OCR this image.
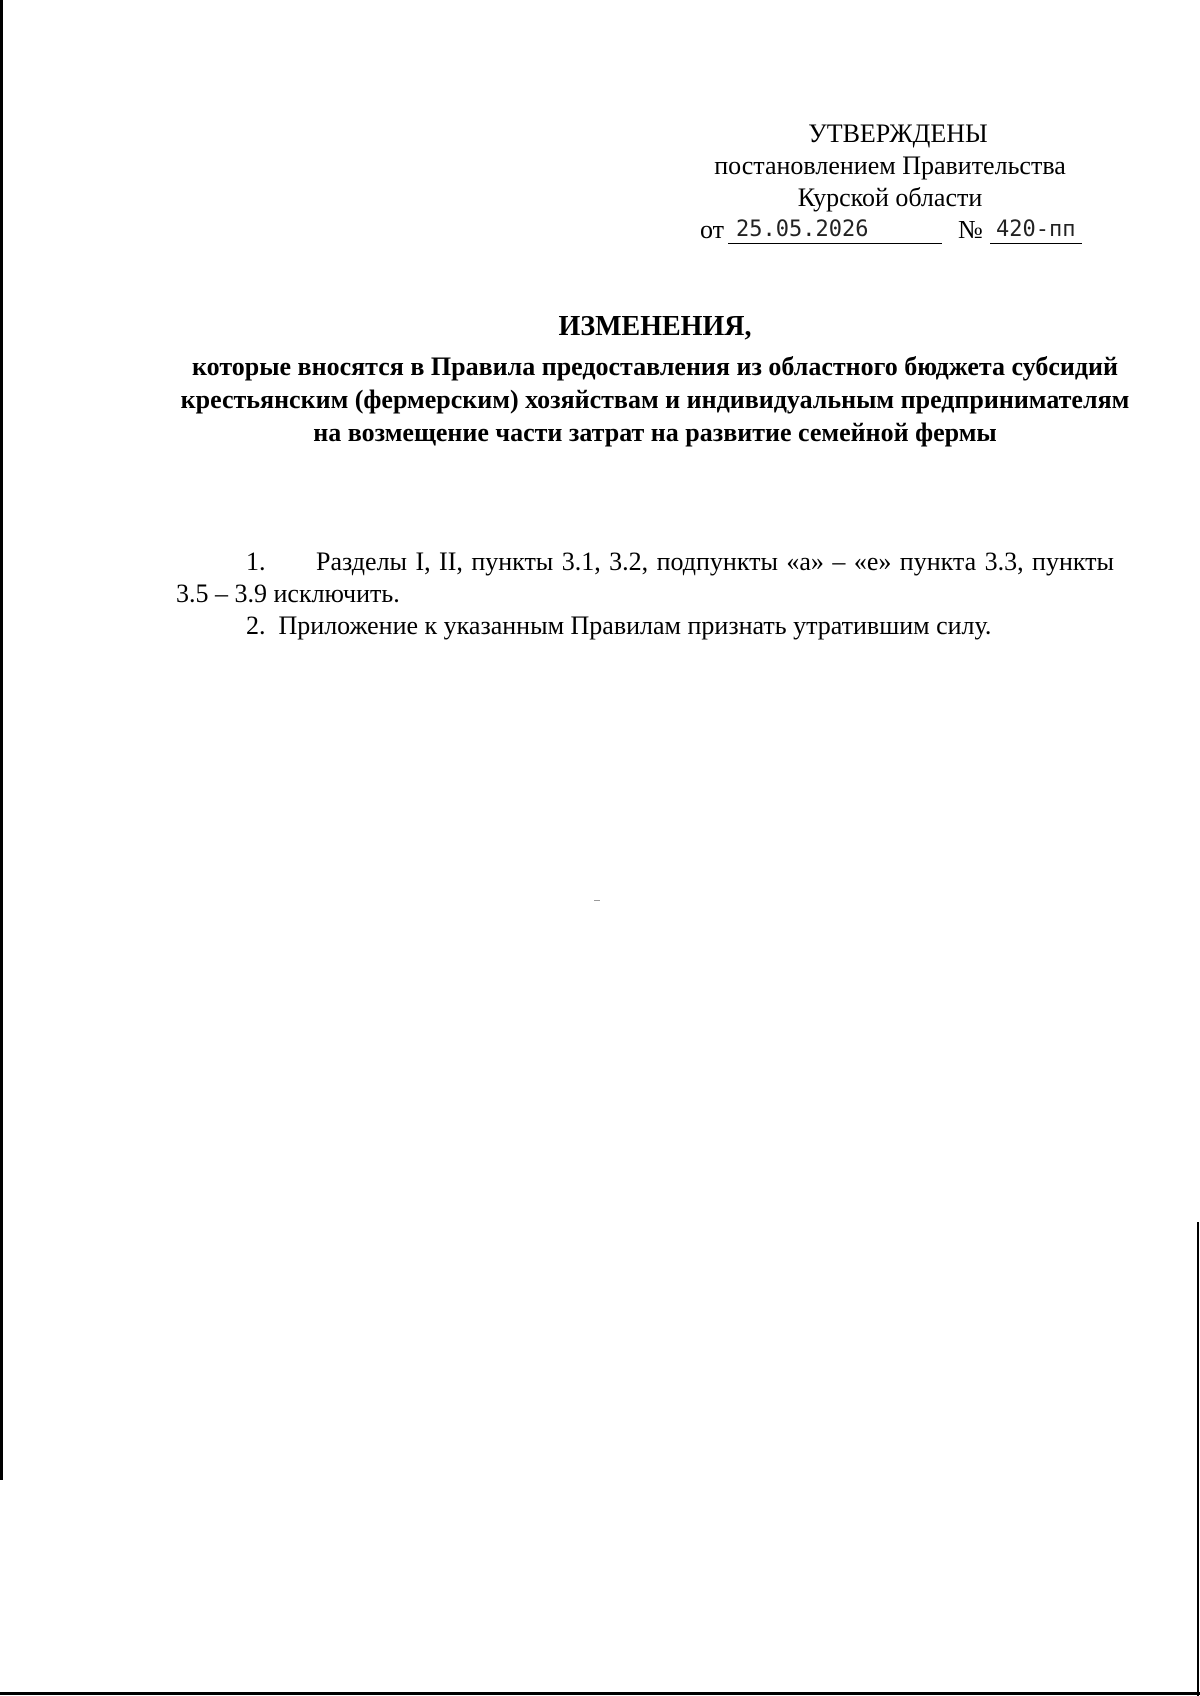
УТВЕРЖДЕНЫ
постановлением Правительства
Курской области
от 25.05.2026	№ 420-пп
ИЗМЕНЕНИЯ,
которые вносятся в Правила предоставления из областного бюджета субсидий крестьянским (фермерским) хозяйствам и индивидуальным предпринимателям на возмещение части затрат на развитие семейной фермы
1. Разделы I, II, пункты 3.1, 3.2, подпункты «а» – «е» пункта 3.3, пункты 3.5 – 3.9 исключить.
2. Приложение к указанным Правилам признать утратившим силу.
